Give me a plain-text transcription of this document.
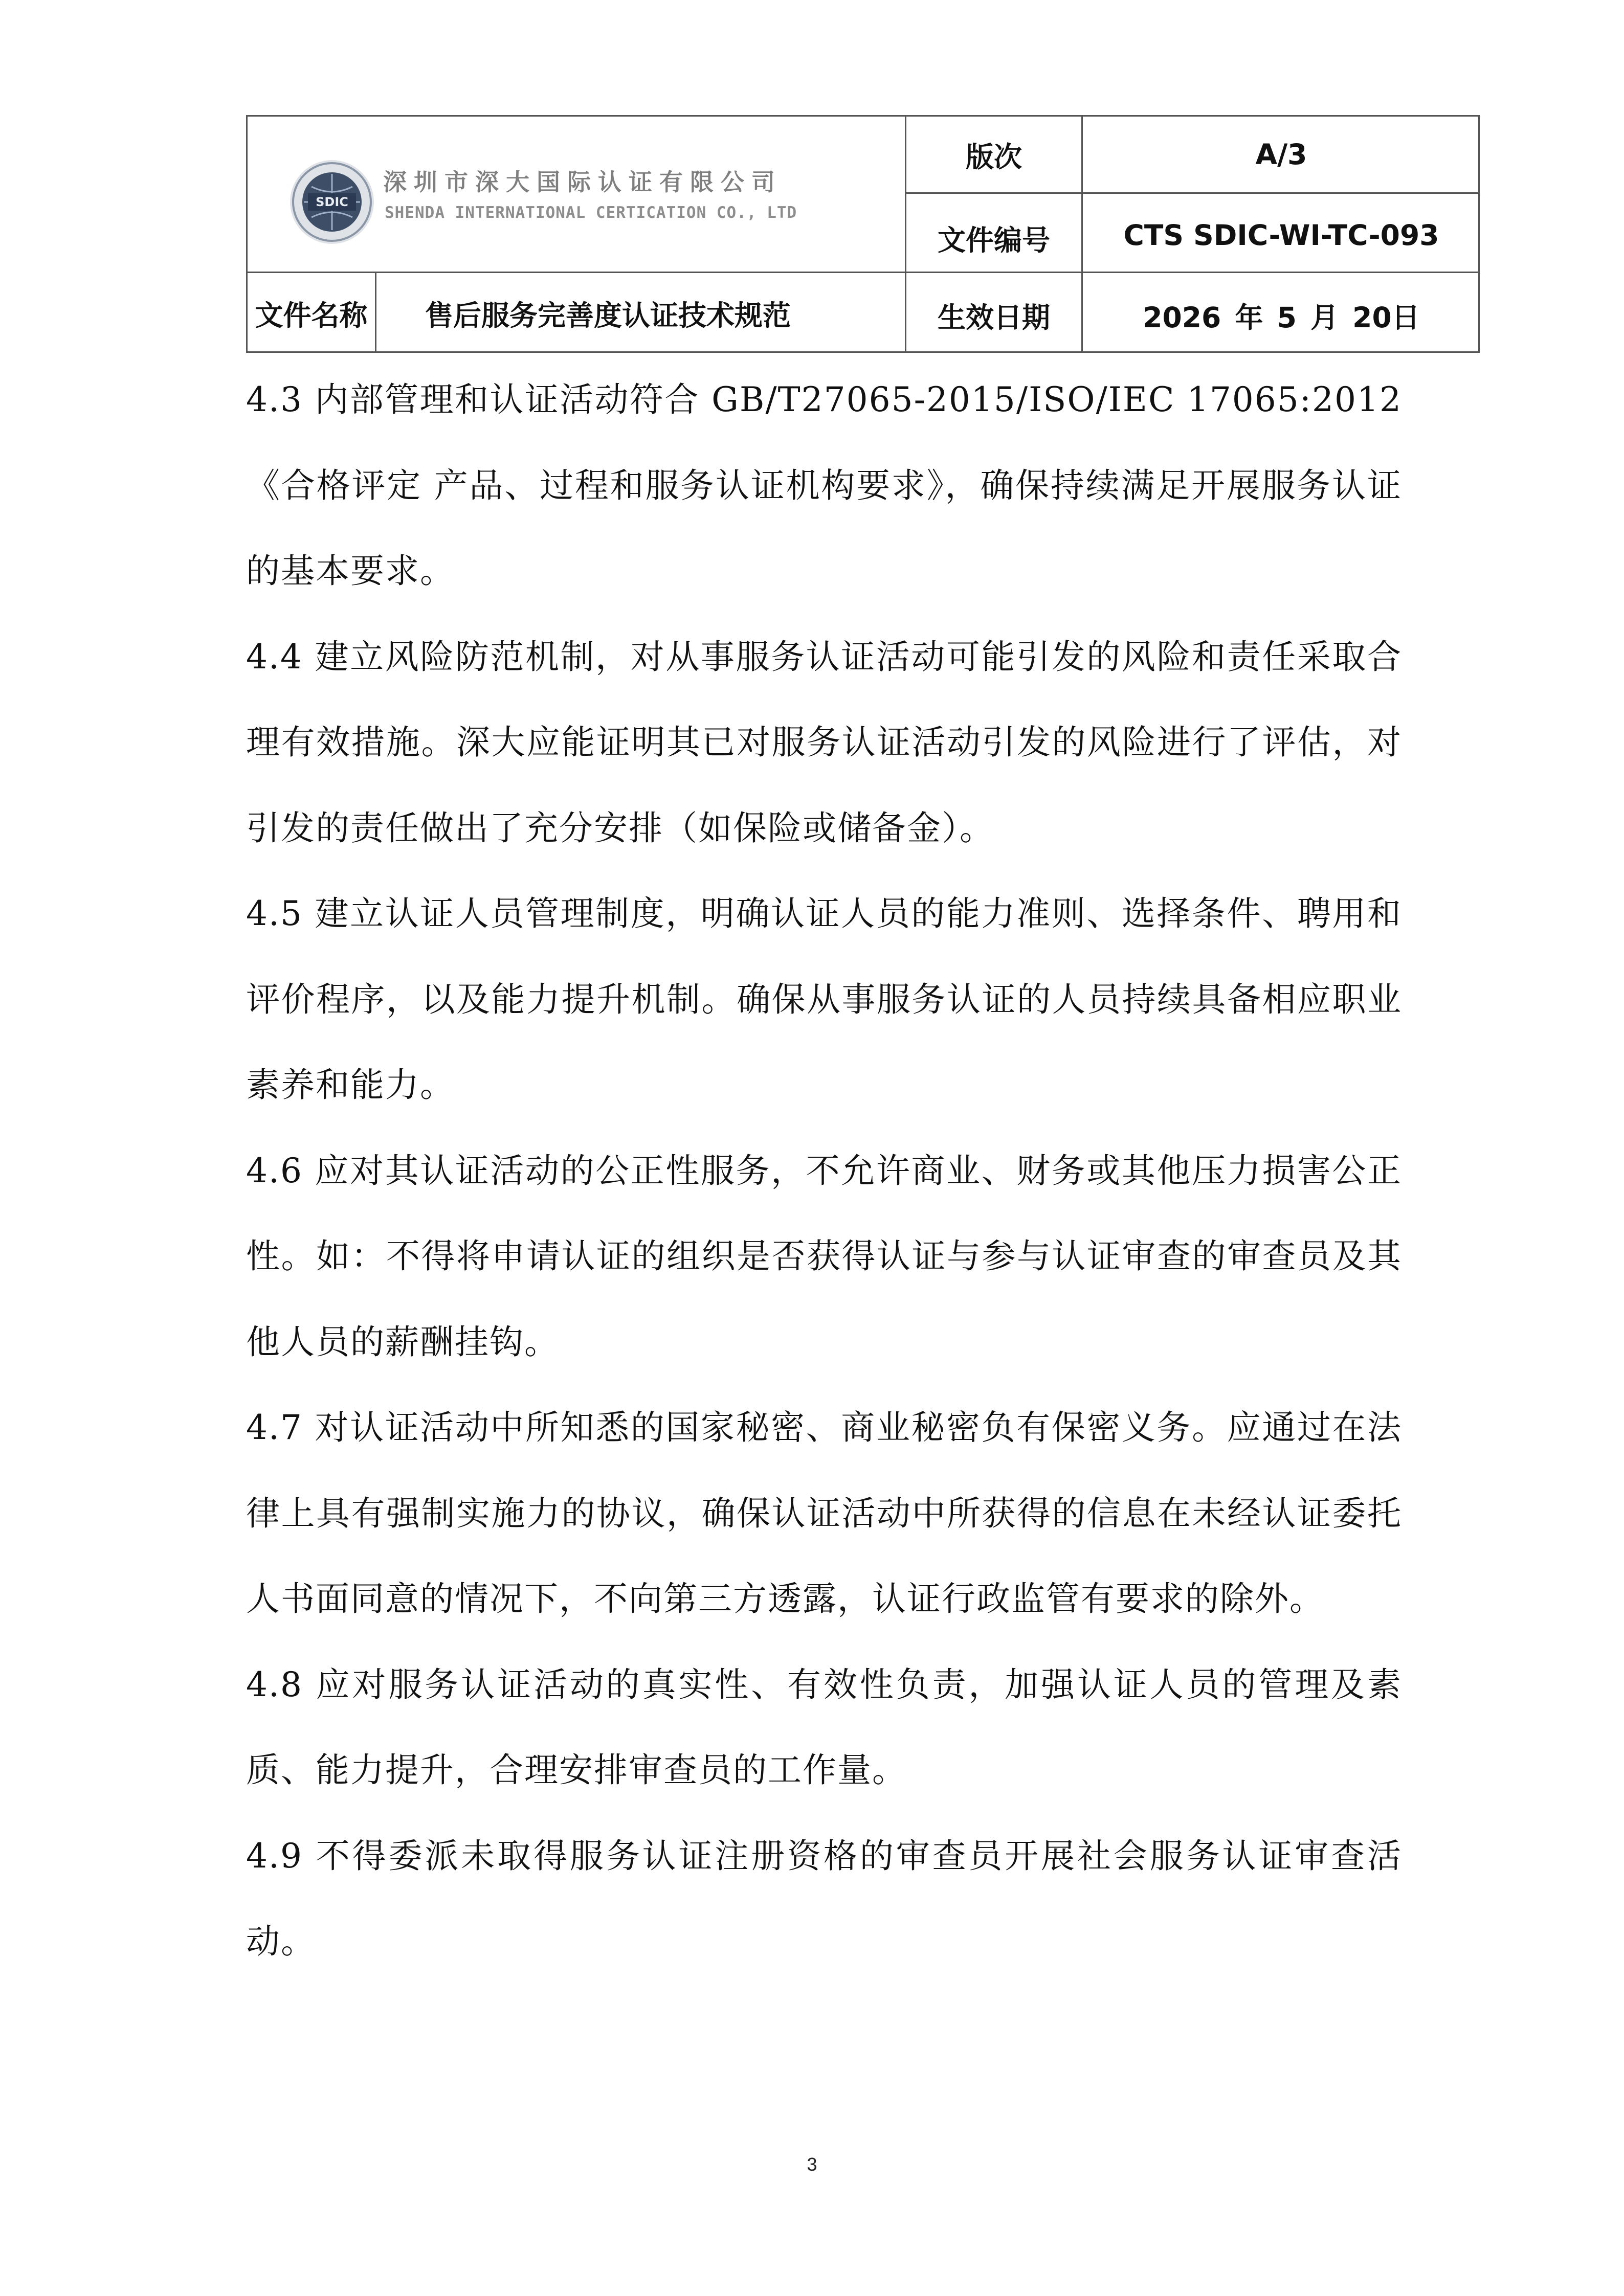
SDIC
深圳市深大国际认证有限公司
SHENDA INTERNATIONAL CERTICATION CO., LTD
版次	A/3
文件编号	CTS SDIC-WI-TC-093
文件名称	售后服务完善度认证技术规范	生效日期	2026 年 5 月 20日

4.3 内部管理和认证活动符合 GB/T27065-2015/ISO/IEC 17065:2012《合格评定 产品、过程和服务认证机构要求》，确保持续满足开展服务认证的基本要求。

4.4 建立风险防范机制，对从事服务认证活动可能引发的风险和责任采取合理有效措施。深大应能证明其已对服务认证活动引发的风险进行了评估，对引发的责任做出了充分安排（如保险或储备金）。

4.5 建立认证人员管理制度，明确认证人员的能力准则、选择条件、聘用和评价程序，以及能力提升机制。确保从事服务认证的人员持续具备相应职业素养和能力。

4.6 应对其认证活动的公正性服务，不允许商业、财务或其他压力损害公正性。如：不得将申请认证的组织是否获得认证与参与认证审查的审查员及其他人员的薪酬挂钩。

4.7 对认证活动中所知悉的国家秘密、商业秘密负有保密义务。应通过在法律上具有强制实施力的协议，确保认证活动中所获得的信息在未经认证委托人书面同意的情况下，不向第三方透露，认证行政监管有要求的除外。

4.8 应对服务认证活动的真实性、有效性负责，加强认证人员的管理及素质、能力提升，合理安排审查员的工作量。

4.9 不得委派未取得服务认证注册资格的审查员开展社会服务认证审查活动。

3
